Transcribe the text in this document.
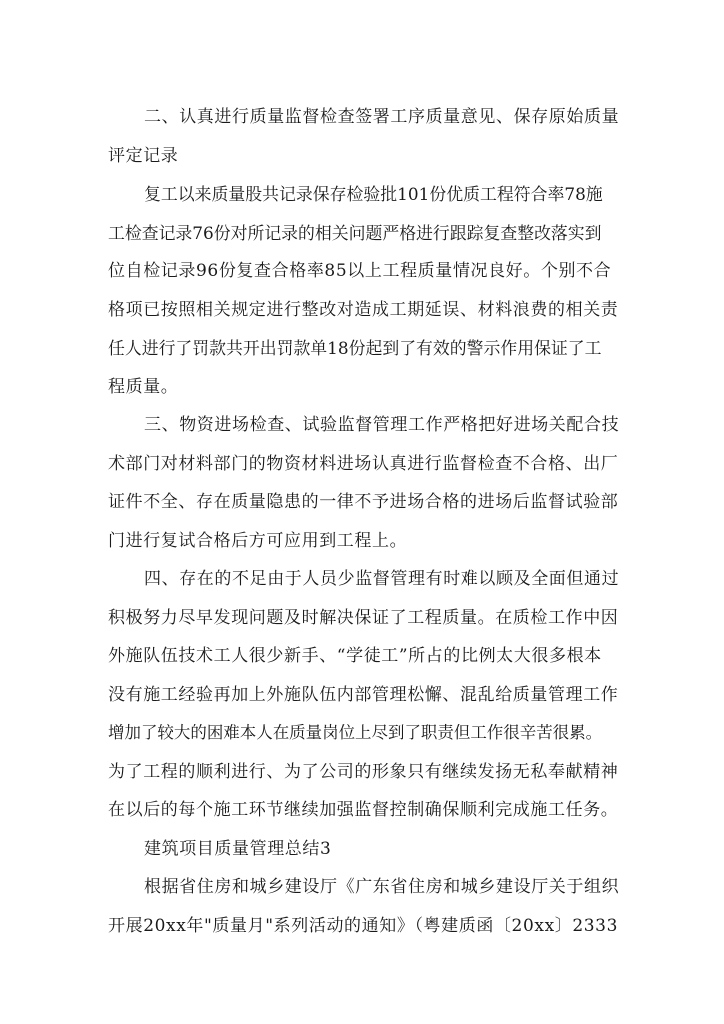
二、认真进行质量监督检查签署工序质量意见、保存原始质量
评定记录
复工以来质量股共记录保存检验批101份优质工程符合率78施
工检查记录76份对所记录的相关问题严格进行跟踪复查整改落实到
位自检记录96份复查合格率85以上工程质量情况良好。个别不合
格项已按照相关规定进行整改对造成工期延误、材料浪费的相关责
任人进行了罚款共开出罚款单18份起到了有效的警示作用保证了工
程质量。
三、物资进场检查、试验监督管理工作严格把好进场关配合技
术部门对材料部门的物资材料进场认真进行监督检查不合格、出厂
证件不全、存在质量隐患的一律不予进场合格的进场后监督试验部
门进行复试合格后方可应用到工程上。
四、存在的不足由于人员少监督管理有时难以顾及全面但通过
积极努力尽早发现问题及时解决保证了工程质量。在质检工作中因
外施队伍技术工人很少新手、“学徒工”所占的比例太大很多根本
没有施工经验再加上外施队伍内部管理松懈、混乱给质量管理工作
增加了较大的困难本人在质量岗位上尽到了职责但工作很辛苦很累。
为了工程的顺利进行、为了公司的形象只有继续发扬无私奉献精神
在以后的每个施工环节继续加强监督控制确保顺利完成施工任务。
建筑项目质量管理总结3
根据省住房和城乡建设厅《广东省住房和城乡建设厅关于组织
开展20xx年"质量月"系列活动的通知》（粤建质函〔20xx〕2333
